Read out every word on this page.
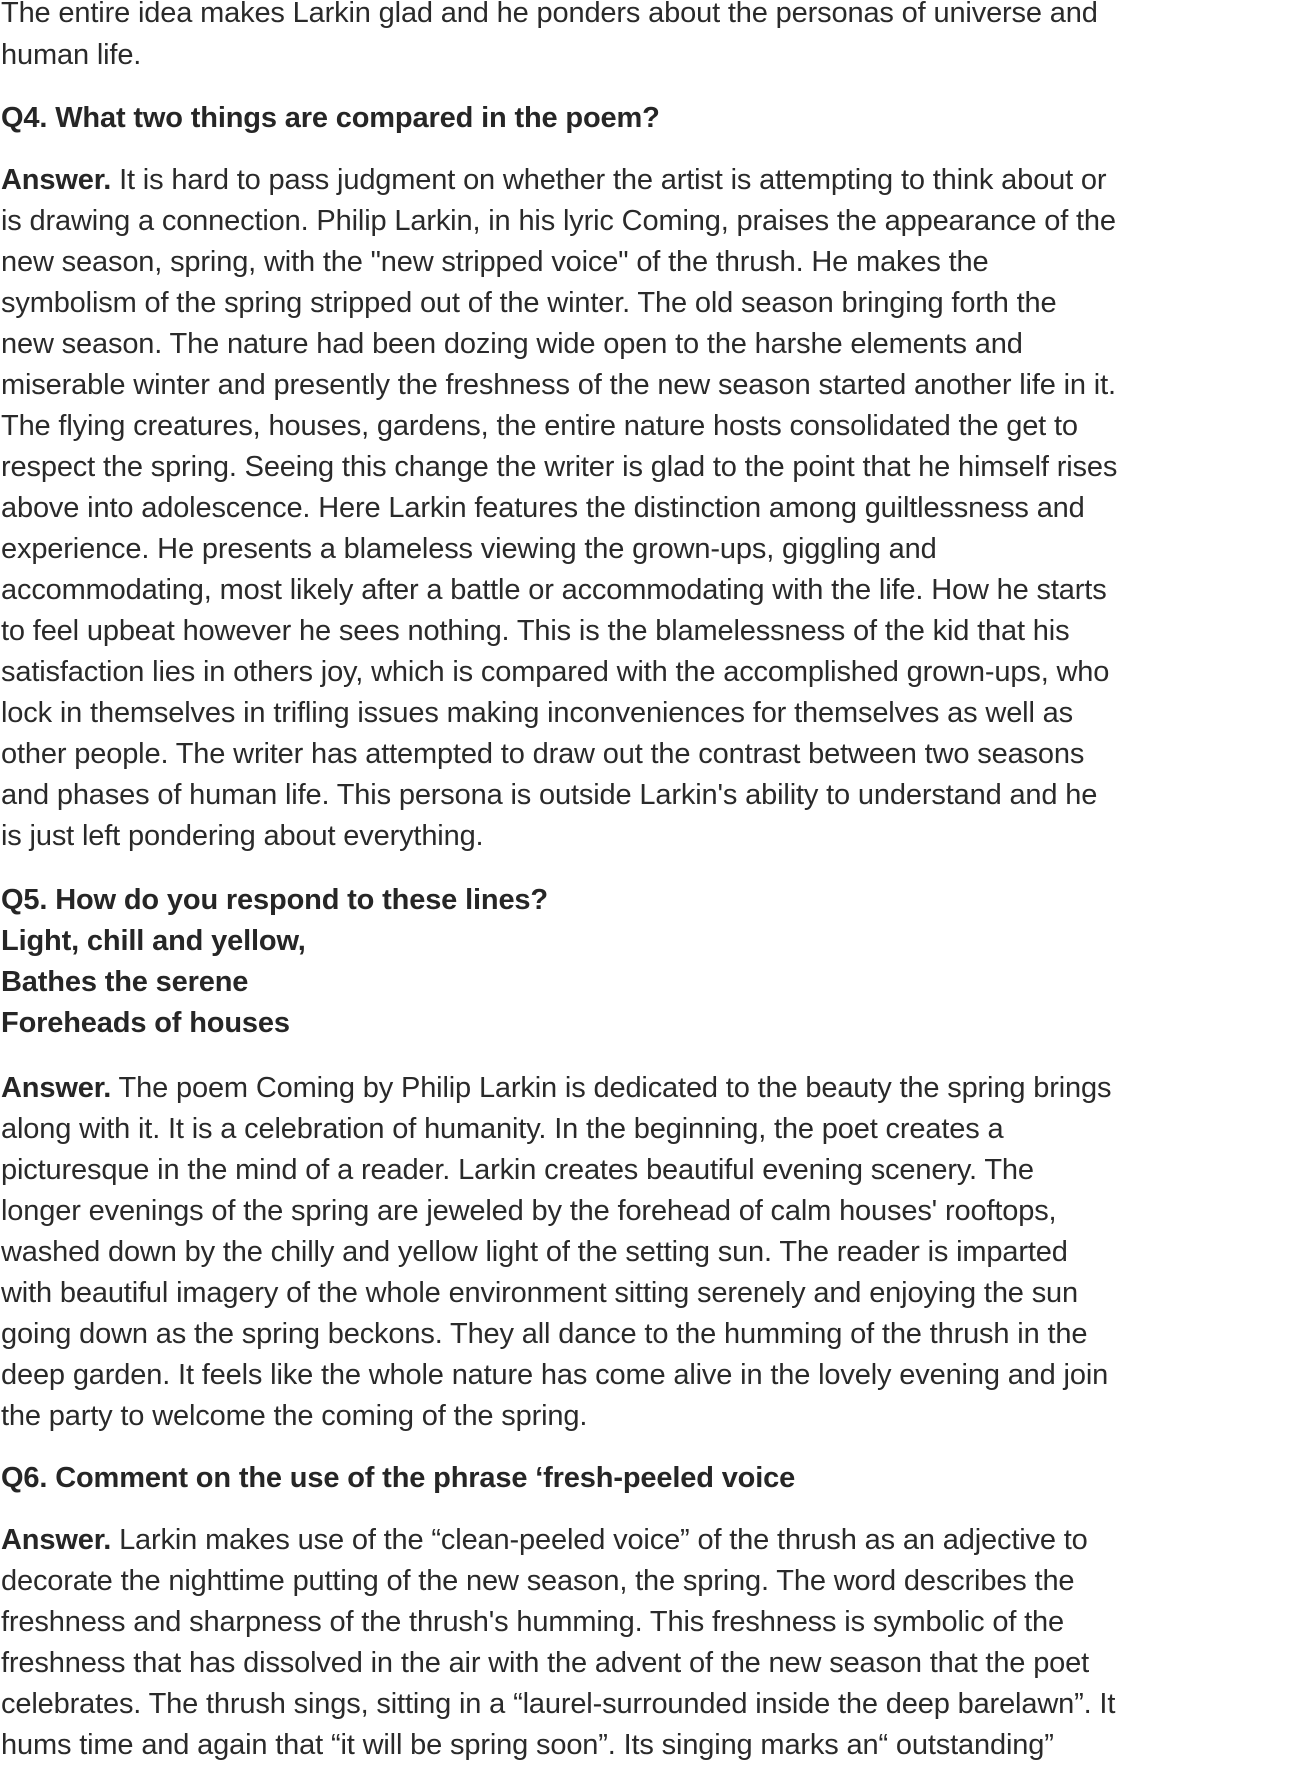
The entire idea makes Larkin glad and he ponders about the personas of universe and
human life.
Q4. What two things are compared in the poem?
Answer. It is hard to pass judgment on whether the artist is attempting to think about or
is drawing a connection. Philip Larkin, in his lyric Coming, praises the appearance of the
new season, spring, with the "new stripped voice" of the thrush. He makes the
symbolism of the spring stripped out of the winter. The old season bringing forth the
new season. The nature had been dozing wide open to the harshe elements and
miserable winter and presently the freshness of the new season started another life in it.
The flying creatures, houses, gardens, the entire nature hosts consolidated the get to
respect the spring. Seeing this change the writer is glad to the point that he himself rises
above into adolescence. Here Larkin features the distinction among guiltlessness and
experience. He presents a blameless viewing the grown-ups, giggling and
accommodating, most likely after a battle or accommodating with the life. How he starts
to feel upbeat however he sees nothing. This is the blamelessness of the kid that his
satisfaction lies in others joy, which is compared with the accomplished grown-ups, who
lock in themselves in trifling issues making inconveniences for themselves as well as
other people. The writer has attempted to draw out the contrast between two seasons
and phases of human life. This persona is outside Larkin's ability to understand and he
is just left pondering about everything.
Q5. How do you respond to these lines?
Light, chill and yellow,
Bathes the serene
Foreheads of houses
Answer. The poem Coming by Philip Larkin is dedicated to the beauty the spring brings
along with it. It is a celebration of humanity. In the beginning, the poet creates a
picturesque in the mind of a reader. Larkin creates beautiful evening scenery. The
longer evenings of the spring are jeweled by the forehead of calm houses' rooftops,
washed down by the chilly and yellow light of the setting sun. The reader is imparted
with beautiful imagery of the whole environment sitting serenely and enjoying the sun
going down as the spring beckons. They all dance to the humming of the thrush in the
deep garden. It feels like the whole nature has come alive in the lovely evening and join
the party to welcome the coming of the spring.
Q6. Comment on the use of the phrase ‘fresh-peeled voice
Answer. Larkin makes use of the “clean-peeled voice” of the thrush as an adjective to
decorate the nighttime putting of the new season, the spring. The word describes the
freshness and sharpness of the thrush's humming. This freshness is symbolic of the
freshness that has dissolved in the air with the advent of the new season that the poet
celebrates. The thrush sings, sitting in a “laurel-surrounded inside the deep barelawn”. It
hums time and again that “it will be spring soon”. Its singing marks an“ outstanding”
